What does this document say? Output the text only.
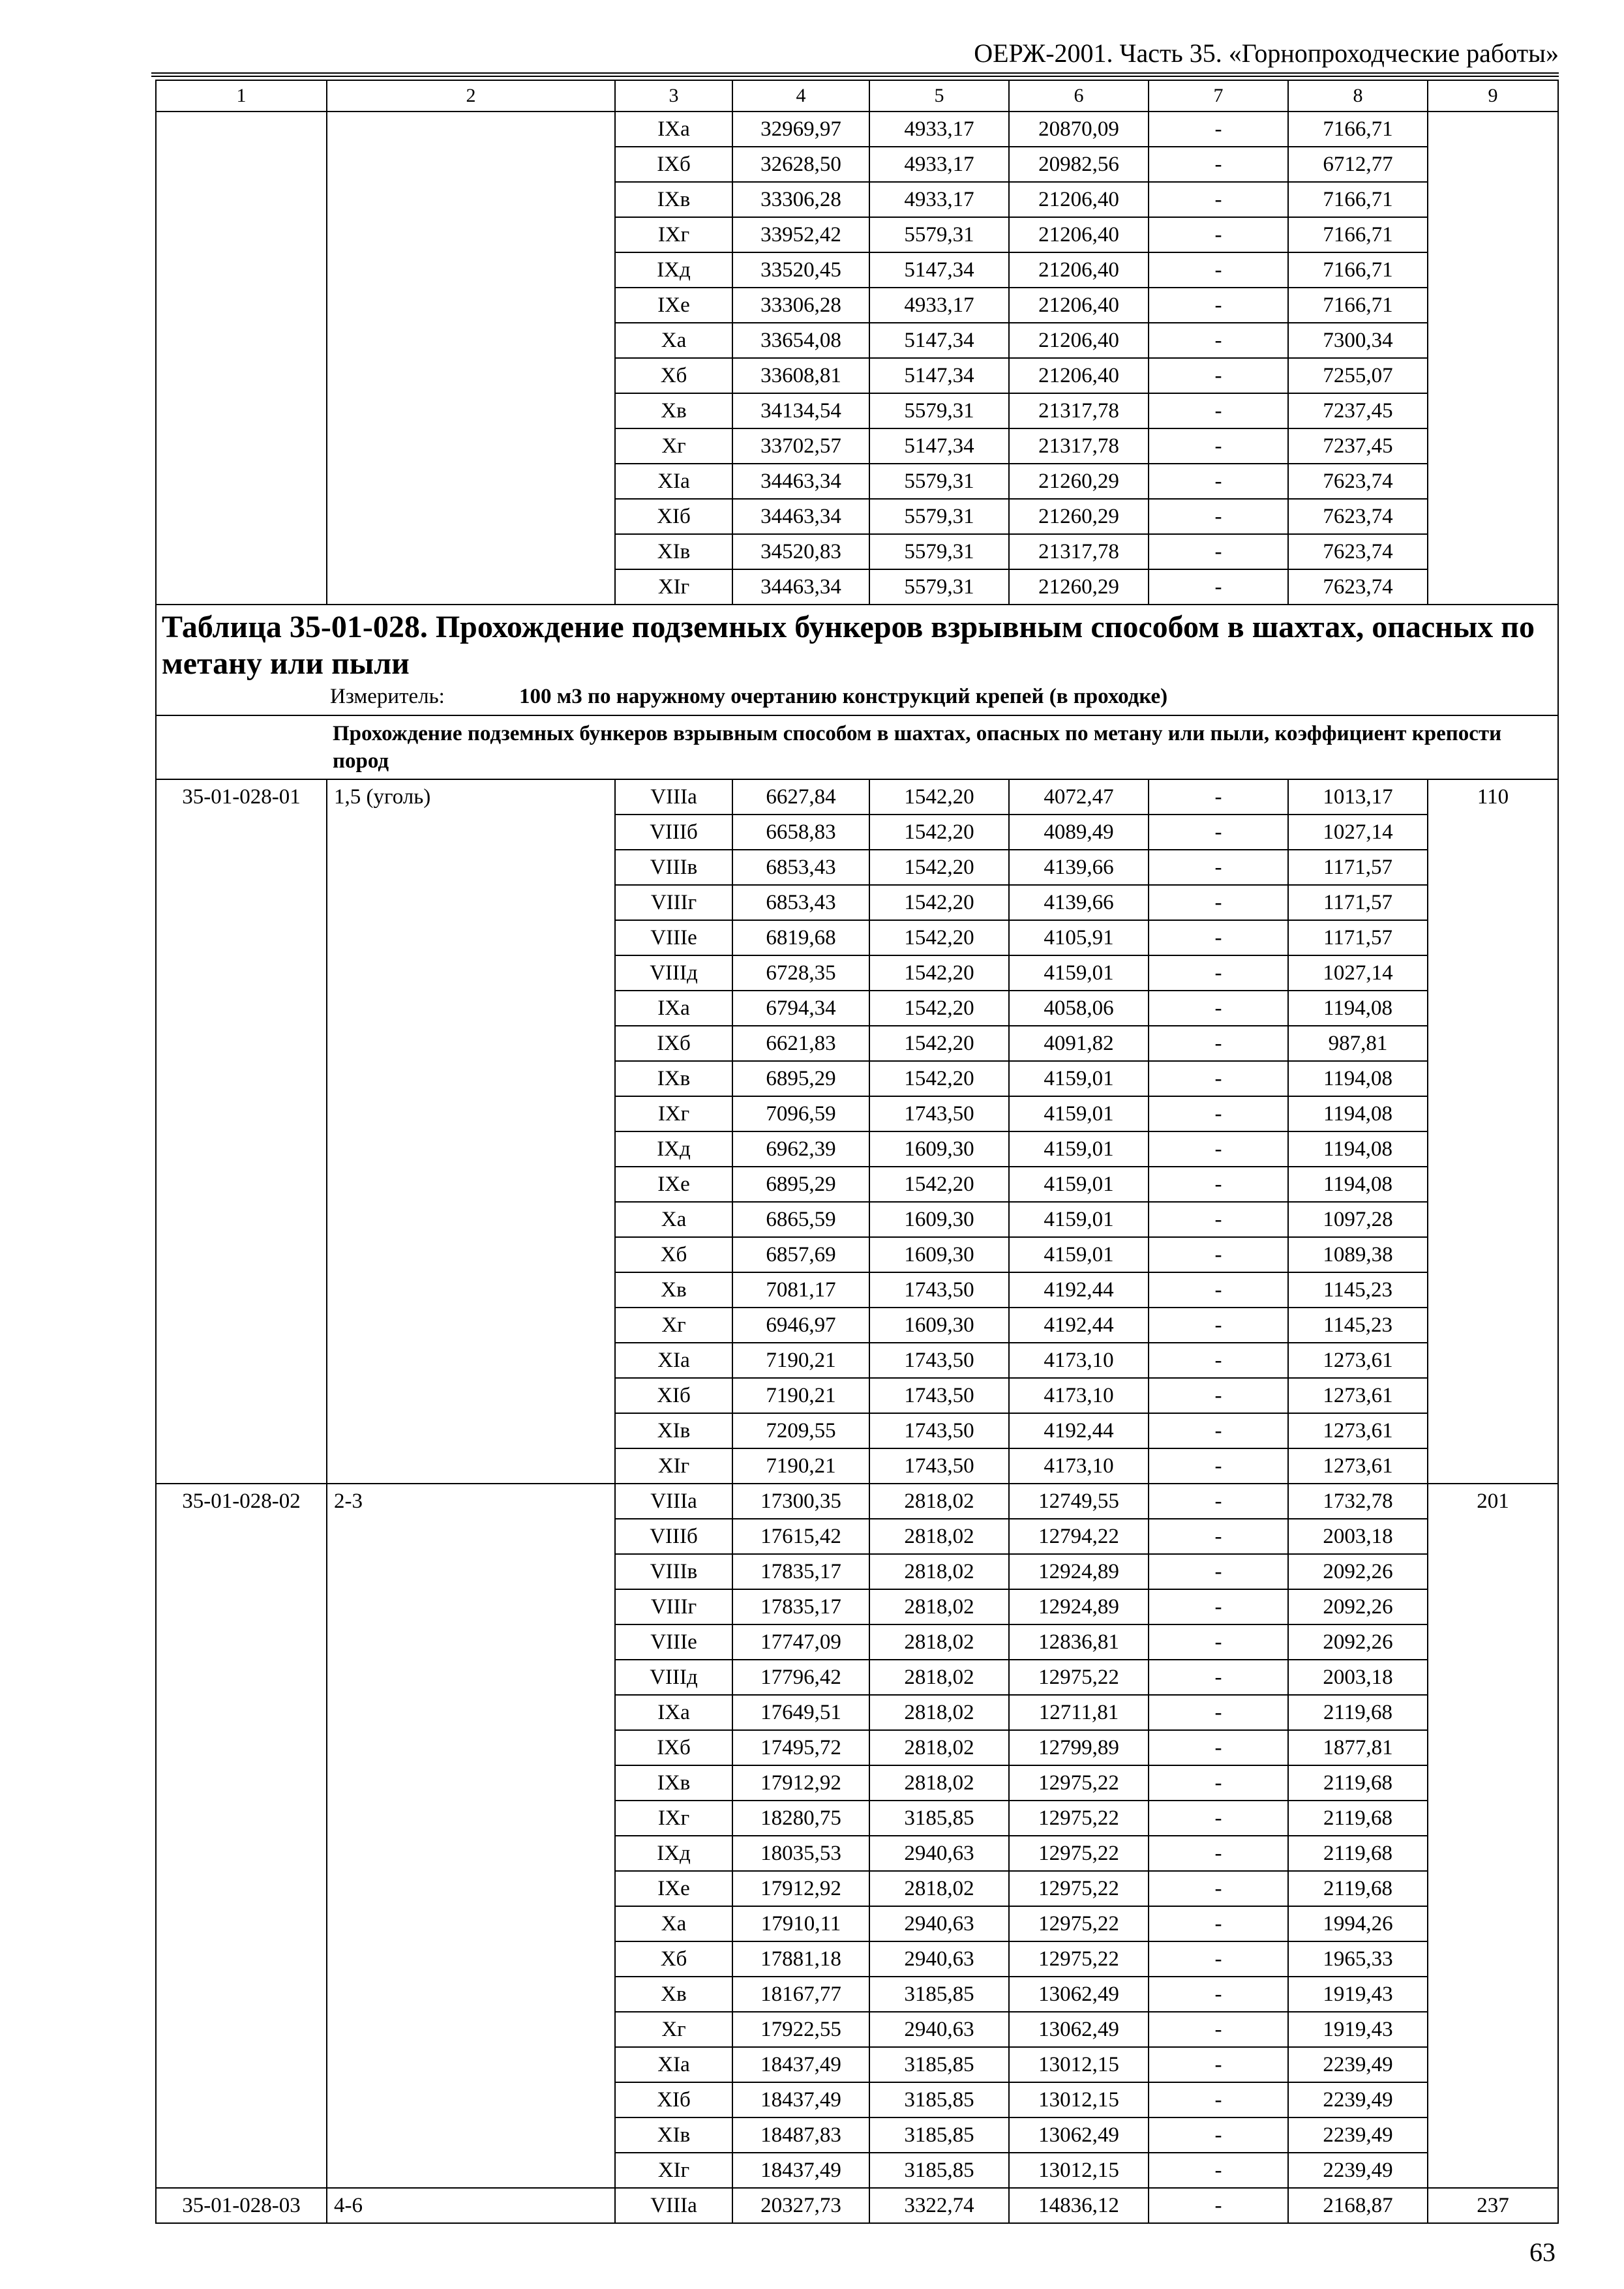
ОЕРЖ-2001. Часть 35. «Горнопроходческие работы»
1	2	3	4	5	6	7	8	9
		IXа	32969,97	4933,17	20870,09	-	7166,71	
		IXб	32628,50	4933,17	20982,56	-	6712,77	
		IXв	33306,28	4933,17	21206,40	-	7166,71	
		IXг	33952,42	5579,31	21206,40	-	7166,71	
		IXд	33520,45	5147,34	21206,40	-	7166,71	
		IXе	33306,28	4933,17	21206,40	-	7166,71	
		Xа	33654,08	5147,34	21206,40	-	7300,34	
		Xб	33608,81	5147,34	21206,40	-	7255,07	
		Xв	34134,54	5579,31	21317,78	-	7237,45	
		Xг	33702,57	5147,34	21317,78	-	7237,45	
		XIа	34463,34	5579,31	21260,29	-	7623,74	
		XIб	34463,34	5579,31	21260,29	-	7623,74	
		XIв	34520,83	5579,31	21317,78	-	7623,74	
		XIг	34463,34	5579,31	21260,29	-	7623,74	

Таблица 35-01-028. Прохождение подземных бункеров взрывным способом в шахтах, опасных по метану или пыли
Измеритель: 100 м3 по наружному очертанию конструкций крепей (в проходке)								

Прохождение подземных бункеров взрывным способом в шахтах, опасных по метану или пыли, коэффициент крепости пород								
35-01-028-01	1,5 (уголь)	VIIIа	6627,84	1542,20	4072,47	-	1013,17	110
		VIIIб	6658,83	1542,20	4089,49	-	1027,14	
		VIIIв	6853,43	1542,20	4139,66	-	1171,57	
		VIIIг	6853,43	1542,20	4139,66	-	1171,57	
		VIIIе	6819,68	1542,20	4105,91	-	1171,57	
		VIIIд	6728,35	1542,20	4159,01	-	1027,14	
		IXа	6794,34	1542,20	4058,06	-	1194,08	
		IXб	6621,83	1542,20	4091,82	-	987,81	
		IXв	6895,29	1542,20	4159,01	-	1194,08	
		IXг	7096,59	1743,50	4159,01	-	1194,08	
		IXд	6962,39	1609,30	4159,01	-	1194,08	
		IXе	6895,29	1542,20	4159,01	-	1194,08	
		Xа	6865,59	1609,30	4159,01	-	1097,28	
		Xб	6857,69	1609,30	4159,01	-	1089,38	
		Xв	7081,17	1743,50	4192,44	-	1145,23	
		Xг	6946,97	1609,30	4192,44	-	1145,23	
		XIа	7190,21	1743,50	4173,10	-	1273,61	
		XIб	7190,21	1743,50	4173,10	-	1273,61	
		XIв	7209,55	1743,50	4192,44	-	1273,61	
		XIг	7190,21	1743,50	4173,10	-	1273,61	
35-01-028-02	2-3	VIIIа	17300,35	2818,02	12749,55	-	1732,78	201
		VIIIб	17615,42	2818,02	12794,22	-	2003,18	
		VIIIв	17835,17	2818,02	12924,89	-	2092,26	
		VIIIг	17835,17	2818,02	12924,89	-	2092,26	
		VIIIе	17747,09	2818,02	12836,81	-	2092,26	
		VIIIд	17796,42	2818,02	12975,22	-	2003,18	
		IXа	17649,51	2818,02	12711,81	-	2119,68	
		IXб	17495,72	2818,02	12799,89	-	1877,81	
		IXв	17912,92	2818,02	12975,22	-	2119,68	
		IXг	18280,75	3185,85	12975,22	-	2119,68	
		IXд	18035,53	2940,63	12975,22	-	2119,68	
		IXе	17912,92	2818,02	12975,22	-	2119,68	
		Xа	17910,11	2940,63	12975,22	-	1994,26	
		Xб	17881,18	2940,63	12975,22	-	1965,33	
		Xв	18167,77	3185,85	13062,49	-	1919,43	
		Xг	17922,55	2940,63	13062,49	-	1919,43	
		XIа	18437,49	3185,85	13012,15	-	2239,49	
		XIб	18437,49	3185,85	13012,15	-	2239,49	
		XIв	18487,83	3185,85	13062,49	-	2239,49	
		XIг	18437,49	3185,85	13012,15	-	2239,49	
35-01-028-03	4-6	VIIIа	20327,73	3322,74	14836,12	-	2168,87	237
63
